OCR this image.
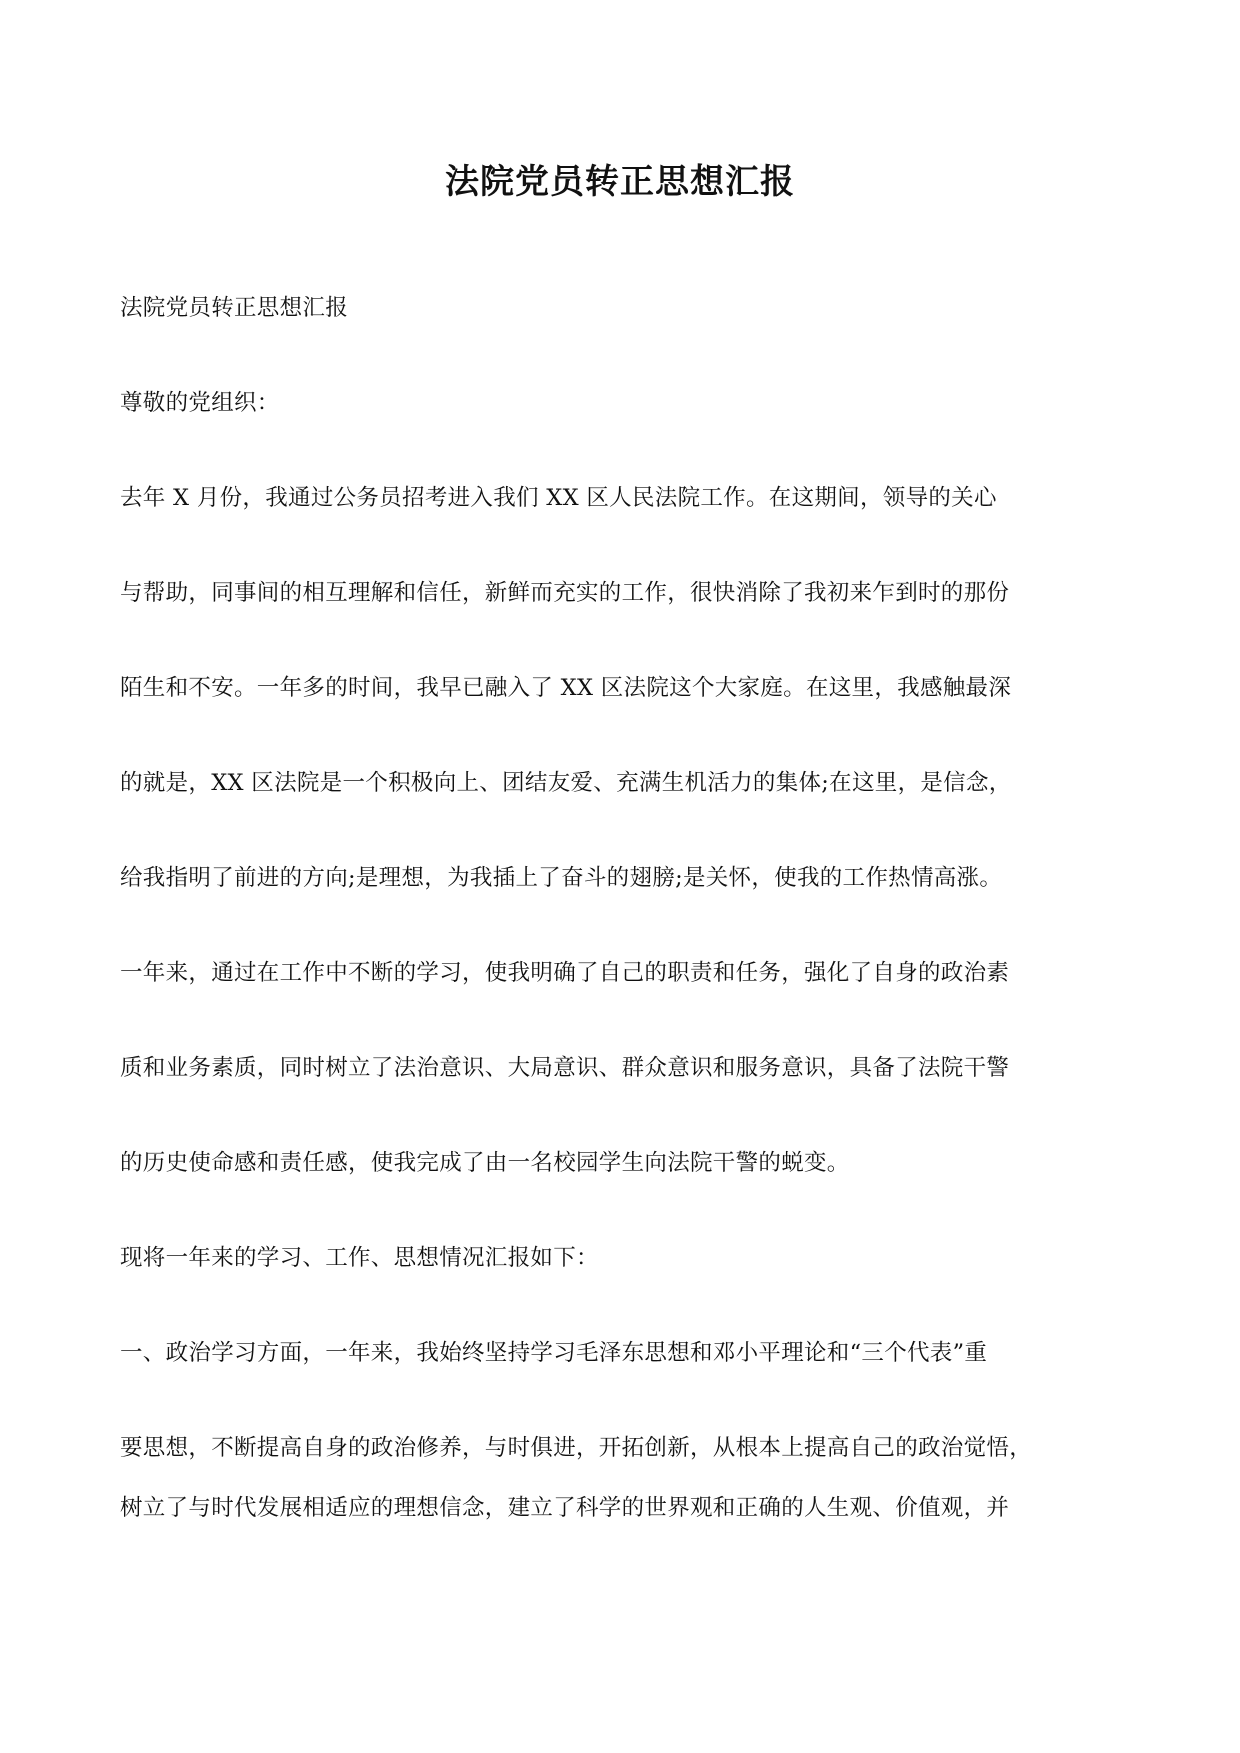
法院党员转正思想汇报
法院党员转正思想汇报
尊敬的党组织：
去年 X 月份，我通过公务员招考进入我们 XX 区人民法院工作。在这期间，领导的关心
与帮助，同事间的相互理解和信任，新鲜而充实的工作，很快消除了我初来乍到时的那份
陌生和不安。一年多的时间，我早已融入了 XX 区法院这个大家庭。在这里，我感触最深
的就是，XX 区法院是一个积极向上、团结友爱、充满生机活力的集体;在这里，是信念，
给我指明了前进的方向;是理想，为我插上了奋斗的翅膀;是关怀，使我的工作热情高涨。
一年来，通过在工作中不断的学习，使我明确了自己的职责和任务，强化了自身的政治素
质和业务素质，同时树立了法治意识、大局意识、群众意识和服务意识，具备了法院干警
的历史使命感和责任感，使我完成了由一名校园学生向法院干警的蜕变。
现将一年来的学习、工作、思想情况汇报如下：
一、政治学习方面，一年来，我始终坚持学习毛泽东思想和邓小平理论和“三个代表”重
要思想，不断提高自身的政治修养，与时俱进，开拓创新，从根本上提高自己的政治觉悟，
树立了与时代发展相适应的理想信念，建立了科学的世界观和正确的人生观、价值观，并
